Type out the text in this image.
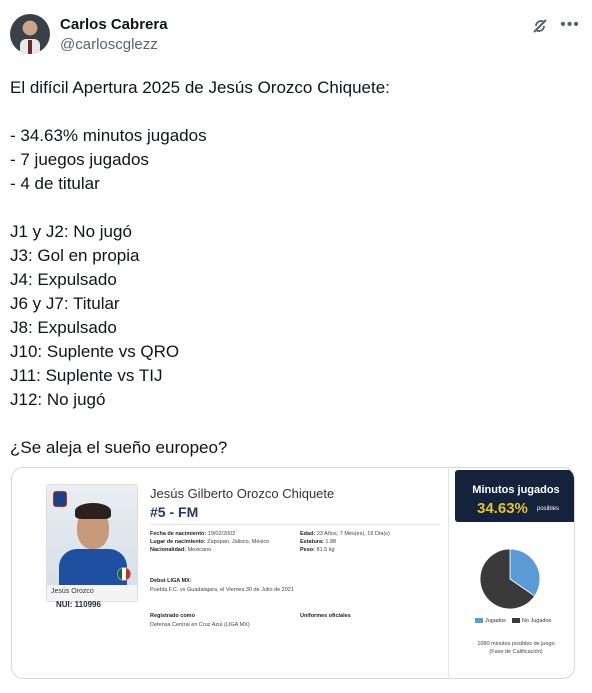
Carlos Cabrera
@carloscglezz
•••
El difícil Apertura 2025 de Jesús Orozco Chiquete:
- 34.63% minutos jugados
- 7 juegos jugados
- 4 de titular
J1 y J2: No jugó
J3: Gol en propia
J4: Expulsado
J6 y J7: Titular
J8: Expulsado
J10: Suplente vs QRO
J11: Suplente vs TIJ
J12: No jugó
¿Se aleja el sueño europeo?
Jesús Orozco
NUI: 110996
Jesús Gilberto Orozco Chiquete
#5 - FM
Fecha de nacimiento: 19/02/2002
Lugar de nacimiento: Zapopan, Jalisco, México
Nacionalidad: Mexicano
Edad: 23 Años, 7 Mes(es), 19 Día(s)
Estatura: 1.88
Peso: 81.5 kg
Debut LIGA MX:
Puebla F.C. vs Guadalajara, el Viernes 30 de Julio de 2021
Registrado como
Defensa Central en Cruz Azul (LIGA MX)
Uniformes oficiales
Minutos jugados
34.63% posibles
Jugados	No Jugados
1080 minutos posibles de juego
(Fase de Calificación)
